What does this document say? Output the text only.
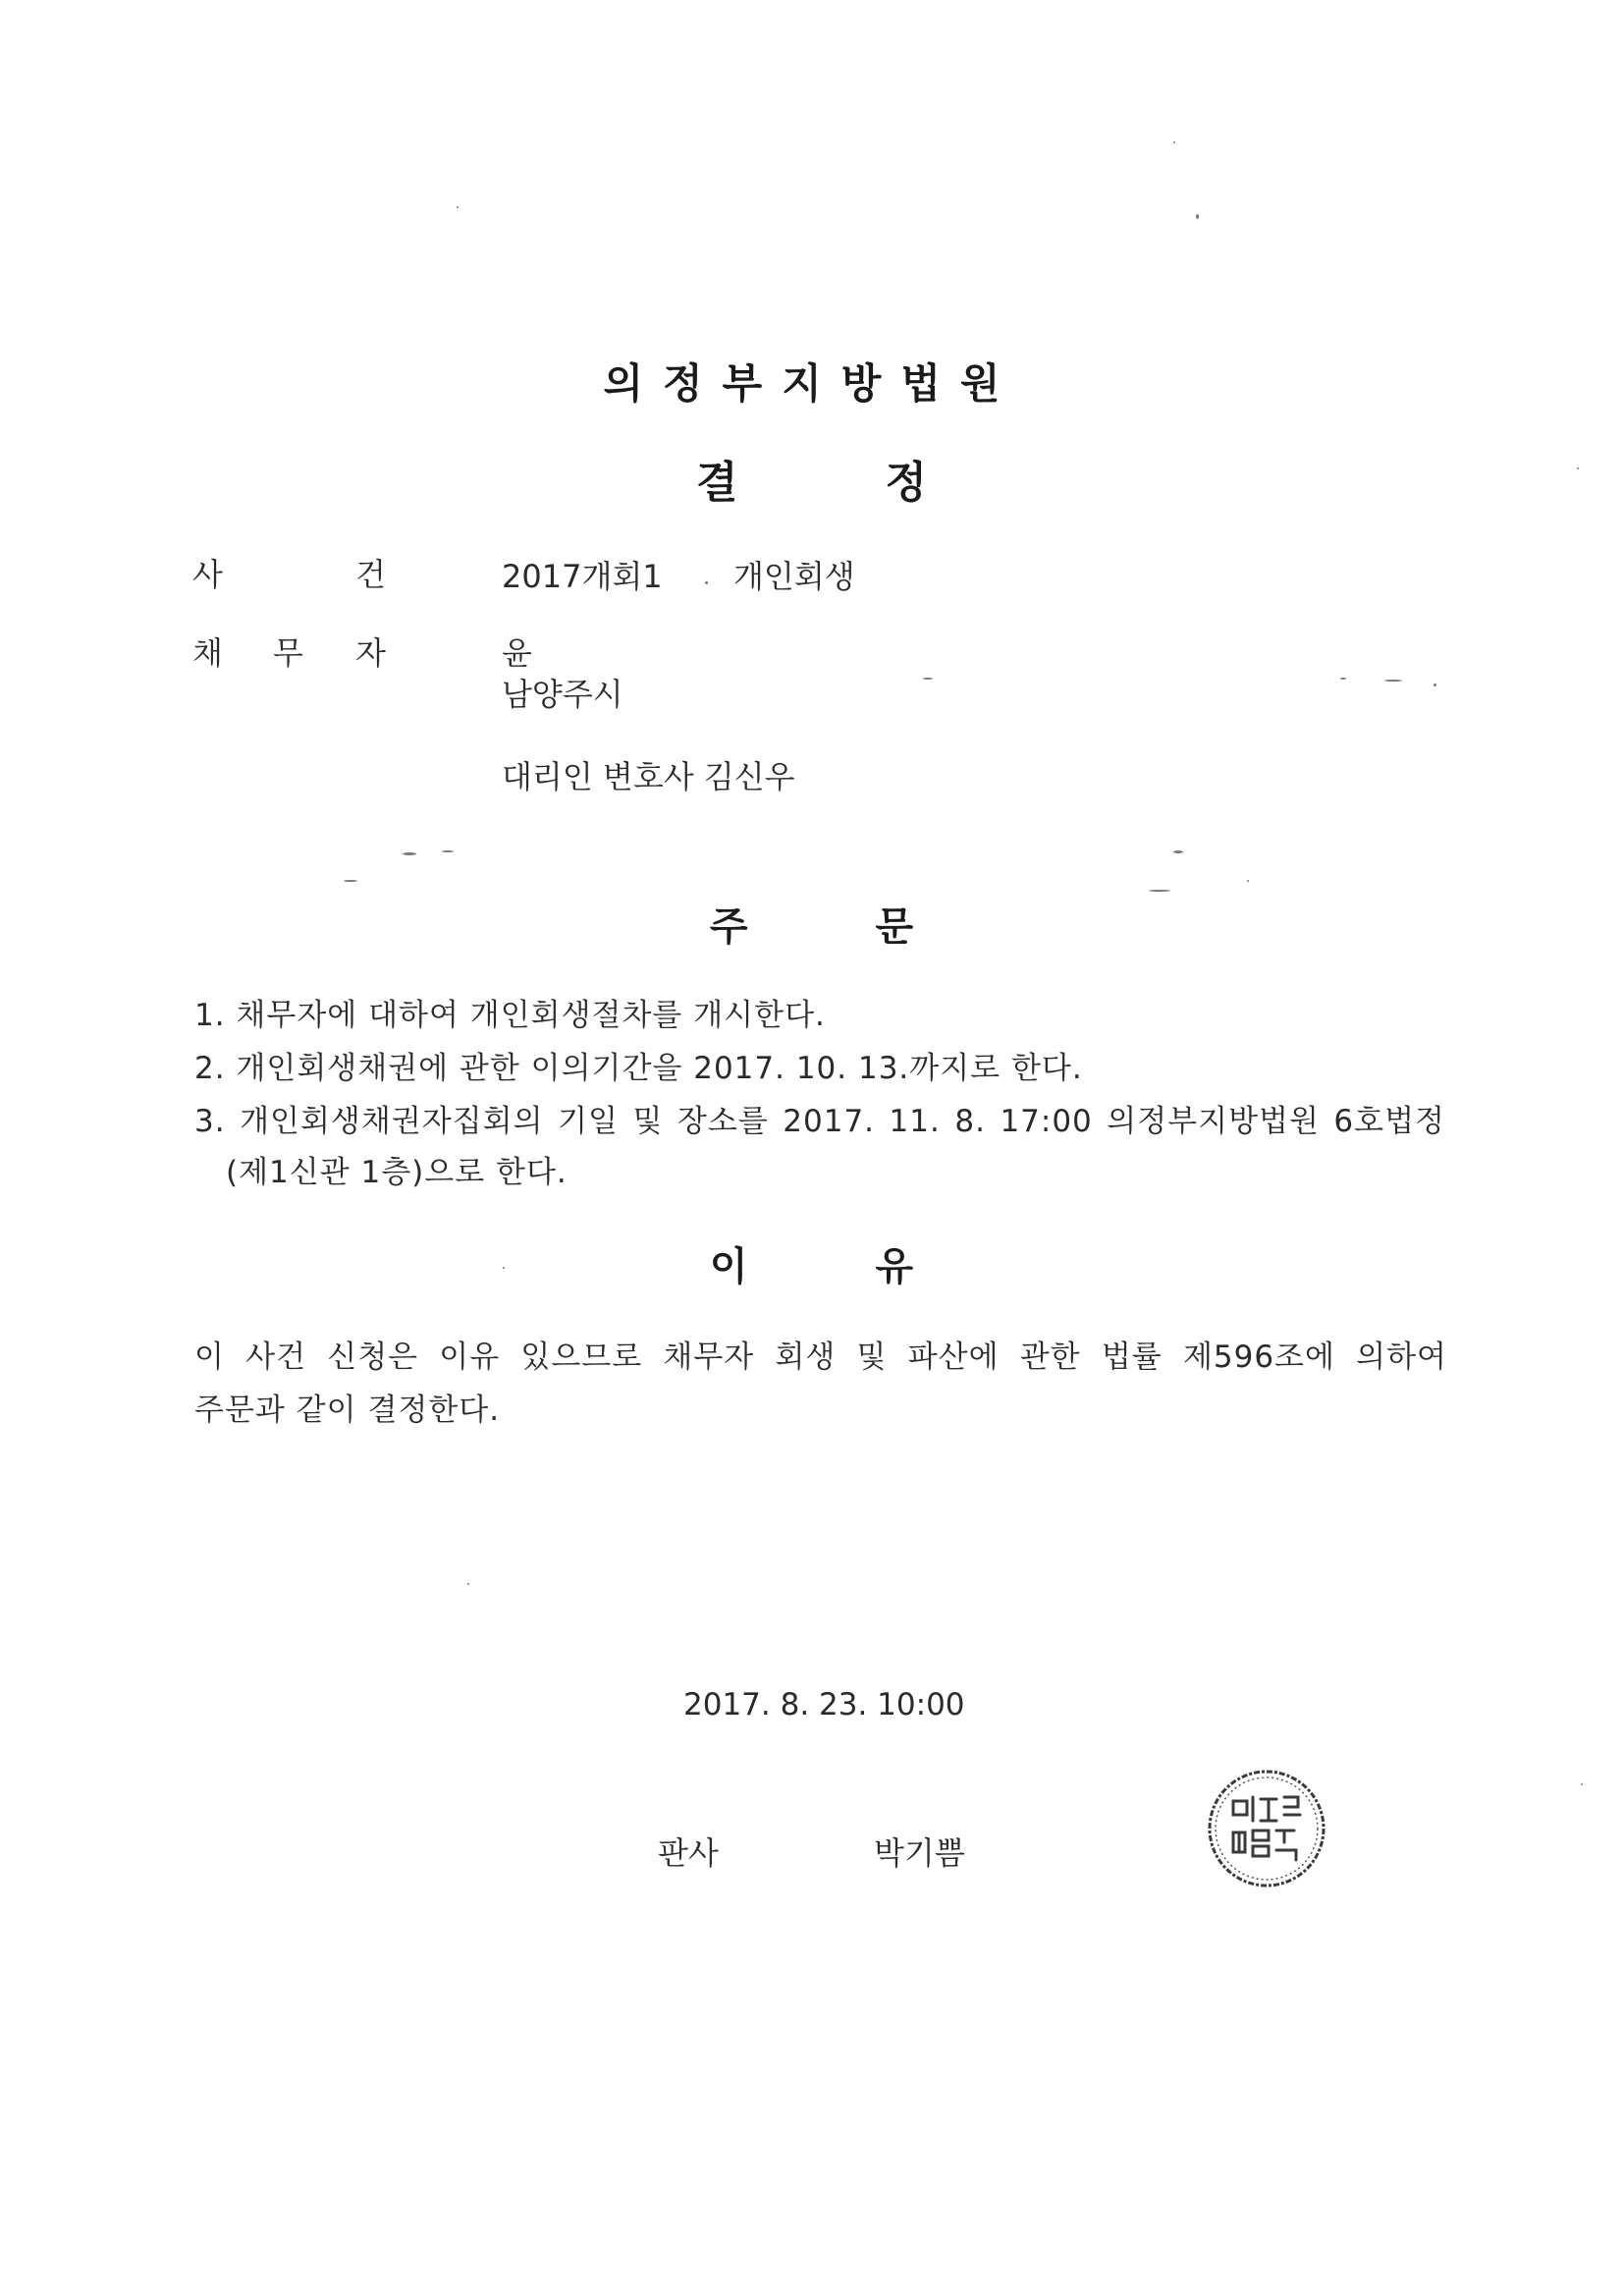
의정부지방법원
결	정
사	건	2017개회1 개인회생
채 무 자	윤
남양주시
대리인 변호사 김신우
주	문
1. 채무자에 대하여 개인회생절차를 개시한다.
2. 개인회생채권에 관한 이의기간을 2017. 10. 13.까지로 한다.
3. 개인회생채권자집회의 기일 및 장소를 2017. 11. 8. 17:00 의정부지방법원 6호법정
(제1신관 1층)으로 한다.
이	유
이 사건 신청은 이유 있으므로 채무자 회생 및 파산에 관한 법률 제596조에 의하여
주문과 같이 결정한다.
2017. 8. 23. 10:00
판사	박기쁨
